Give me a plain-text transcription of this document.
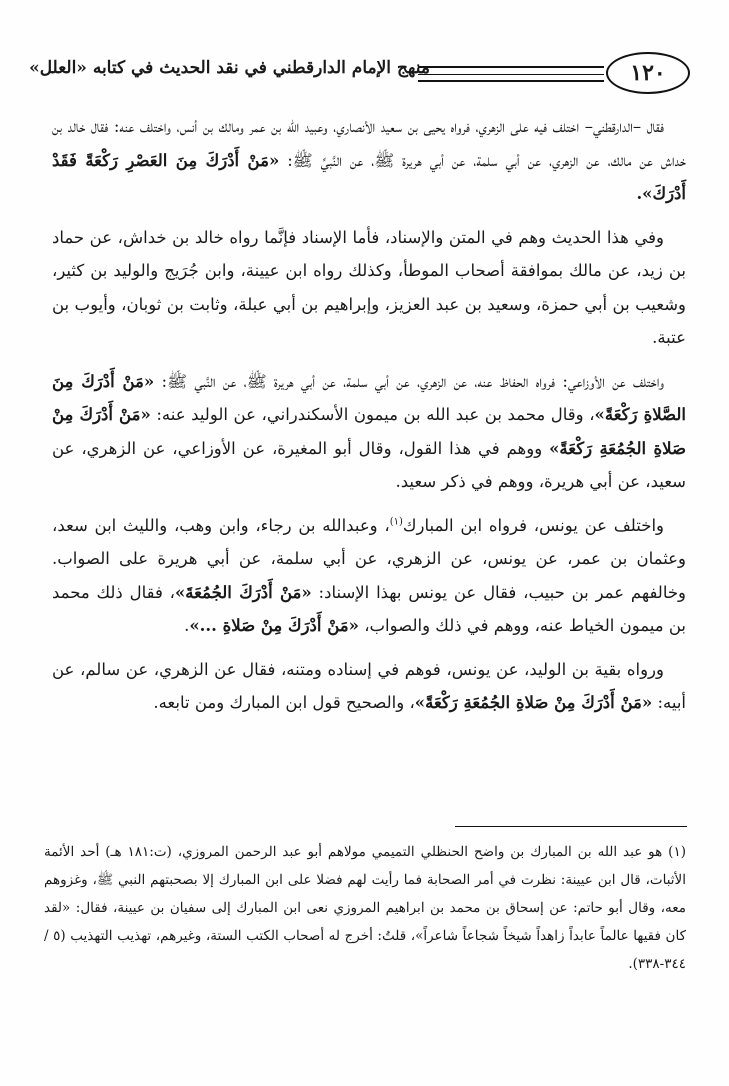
١٢٠
منهج الإمام الدارقطني في نقد الحديث في كتابه «العلل»

فقال –الدارقطني– اختلف فيه على الزهري، فرواه يحيى بن سعيد الأنصاري، وعبيد الله بن عمر ومالك بن أنس، واختلف عنه: فقال خالد بن خداش عن مالك، عن الزهري، عن أبي سلمة، عن أبي هريرة ﷺ، عن النَّبيِّ ﷺ: «مَنْ أَدْرَكَ مِنَ العَصْرِ رَكْعَةً فَقَدْ أَدْرَكَ».

وفي هذا الحديث وهم في المتن والإسناد، فأما الإسناد فإنَّما رواه خالد بن خداش، عن حماد بن زيد، عن مالك بموافقة أصحاب الموطأ، وكذلك رواه ابن عيينة، وابن جُرَيج والوليد بن كثير، وشعيب بن أبي حمزة، وسعيد بن عبد العزيز، وإبراهيم بن أبي عبلة، وثابت بن ثوبان، وأيوب بن عتبة.

واختلف عن الأوزاعي: فرواه الحفاظ عنه، عن الزهري، عن أبي سلمة، عن أبي هريرة ﷺ، عن النَّبي ﷺ: «مَنْ أَدْرَكَ مِنَ الصَّلاةِ رَكْعَةً»، وقال محمد بن عبد الله بن ميمون الأسكندراني، عن الوليد عنه: «مَنْ أَدْرَكَ مِنْ صَلاةِ الجُمُعَةِ رَكْعَةً» ووهم في هذا القول، وقال أبو المغيرة، عن الأوزاعي، عن الزهري، عن سعيد، عن أبي هريرة، ووهم في ذكر سعيد.

واختلف عن يونس، فرواه ابن المبارك$^{(١)}$، وعبدالله بن رجاء، وابن وهب، والليث ابن سعد، وعثمان بن عمر، عن يونس، عن الزهري، عن أبي سلمة، عن أبي هريرة على الصواب. وخالفهم عمر بن حبيب، فقال عن يونس بهذا الإسناد: «مَنْ أَدْرَكَ الجُمُعَةَ»، فقال ذلك محمد بن ميمون الخياط عنه، ووهم في ذلك والصواب، «مَنْ أَدْرَكَ مِنْ صَلاةِ ...».

ورواه بقية بن الوليد، عن يونس، فوهم في إسناده ومتنه، فقال عن الزهري، عن سالم، عن أبيه: «مَنْ أَدْرَكَ مِنْ صَلاةِ الجُمُعَةِ رَكْعَةً»، والصحيح قول ابن المبارك ومن تابعه.

(١) هو عبد الله بن المبارك بن واضح الحنظلي التميمي مولاهم أبو عبد الرحمن المروزي، (ت:١٨١ هـ) أحد الأئمة الأثبات، قال ابن عيينة: نظرت في أمر الصحابة فما رأيت لهم فضلا على ابن المبارك إلا بصحبتهم النبي ﷺ، وغزوهم معه، وقال أبو حاتم: عن إسحاق بن محمد بن ابراهيم المروزي نعى ابن المبارك إلى سفيان بن عيينة، فقال: «لقد كان فقيها عالماً عابداً زاهداً شيخاً شجاعاً شاعراً»، قلتُ: أخرج له أصحاب الكتب الستة، وغيرهم، تهذيب التهذيب (٥ / ٣٤٤-٣٣٨).
